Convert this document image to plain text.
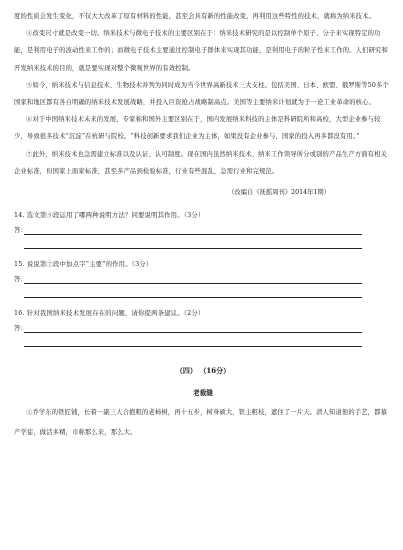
度的性质会发生变化，不仅大大改革了原有材料的性能，甚至会具有新的性能改变，再利用这些特性的技术，就称为纳米技术。

④改变尺寸就是改变一切。纳米技术与微电子技术的主要区别在于：纳米技术研究的是以控制单个原子、分子来实现特定的功能，是利用电子的波动性来工作的；而微电子技术主要通过控制电子群体来实现其功能，是利用电子的粒子性来工作的。人们研究和开发纳米技术的目的，就是要实现对整个微观世界的有效控制。

⑤如今，纳米技术与信息技术、生物技术并列为同时成为当今世界高新技术三大支柱。包括美国、日本、欧盟、俄罗斯等50多个国家和地区都有各自明确的纳米技术发展战略，并投入巨资抢占战略制高点。美国等主要纳米计划就为于一论工业革命的核心。

⑥对于中国纳米技术未来的发展，专家称和国外主要区别在于，国内发展纳米科技的主体是科研院所和高校，大型企业参与较少，导致很多技术“沉淀”在杭研与院校。“科技创新要求我们企业为主体，如果没有企业参与，国家的投入再多都没有用。”

⑦此外，纳米技术也急需建立标准以及认证、认可制度。现在国内虽然纳米技术、纳米工作领导所分或别的产品生产方面有相关企业标准，但国家上面家标准，甚至多产品到检验标准，行业有些混乱，急需行业和完规范。

（改编自《抚摇周刊》2014年1期）

14. 选文第⑤段运用了哪两种说明方法？同要说明其作用。（3分）

答：

15. 说说第⑦段中加点字“主要”的作用。（3分）

答：

16. 针对我国纳米技术发展存在的问题，请你提两条建议。（2分）

答：
（四） （16分）
老裁缝

①乔学东的铁匠铺，长着一副三人合抱粗的老柿树，再十五步，树身硕大，铁主粗枝，遮住了一片天。清人知道他的手艺，都慕产学徒，做活多精，市称那么来，那么大。
